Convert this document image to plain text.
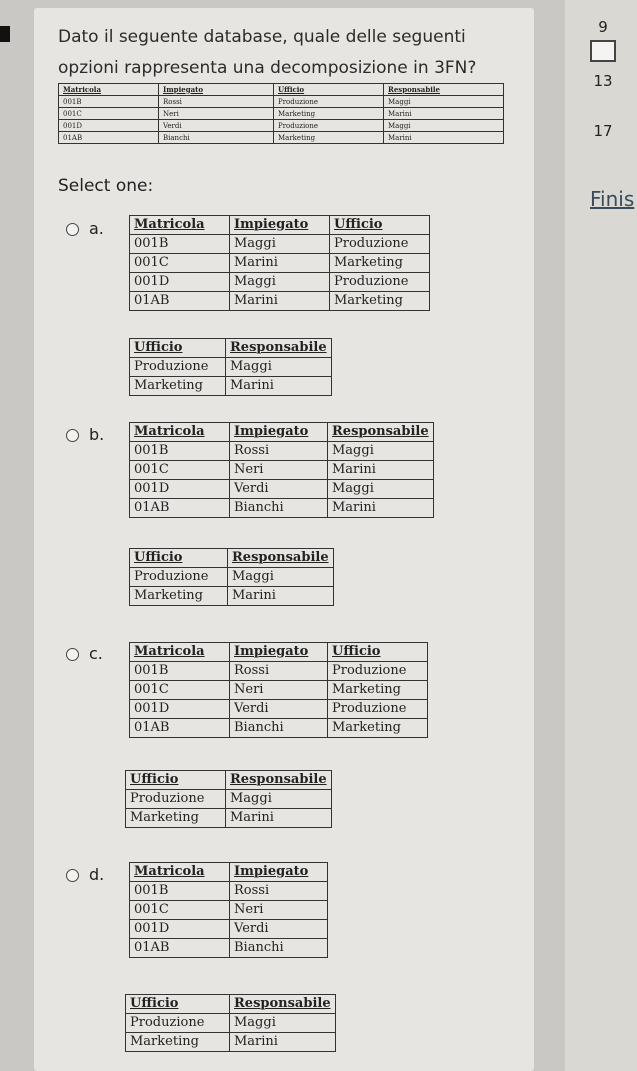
9
13
17
Finis
Dato il seguente database, quale delle seguenti
opzioni rappresenta una decomposizione in 3FN?
Matricola	Impiegato	Ufficio	Responsabile
001B	Rossi	Produzione	Maggi
001C	Neri	Marketing	Marini
001D	Verdi	Produzione	Maggi
01AB	Bianchi	Marketing	Marini
Select one:
a. Matricola	Impiegato	Ufficio
001B	Maggi	Produzione
001C	Marini	Marketing
001D	Maggi	Produzione
01AB	Marini	Marketing
Ufficio	Responsabile
Produzione	Maggi
Marketing	Marini
b. Matricola	Impiegato	Responsabile
001B	Rossi	Maggi
001C	Neri	Marini
001D	Verdi	Maggi
01AB	Bianchi	Marini
Ufficio	Responsabile
Produzione	Maggi
Marketing	Marini
c. Matricola	Impiegato	Ufficio
001B	Rossi	Produzione
001C	Neri	Marketing
001D	Verdi	Produzione
01AB	Bianchi	Marketing
Ufficio	Responsabile
Produzione	Maggi
Marketing	Marini
d. Matricola	Impiegato
001B	Rossi
001C	Neri
001D	Verdi
01AB	Bianchi
Ufficio	Responsabile
Produzione	Maggi
Marketing	Marini
